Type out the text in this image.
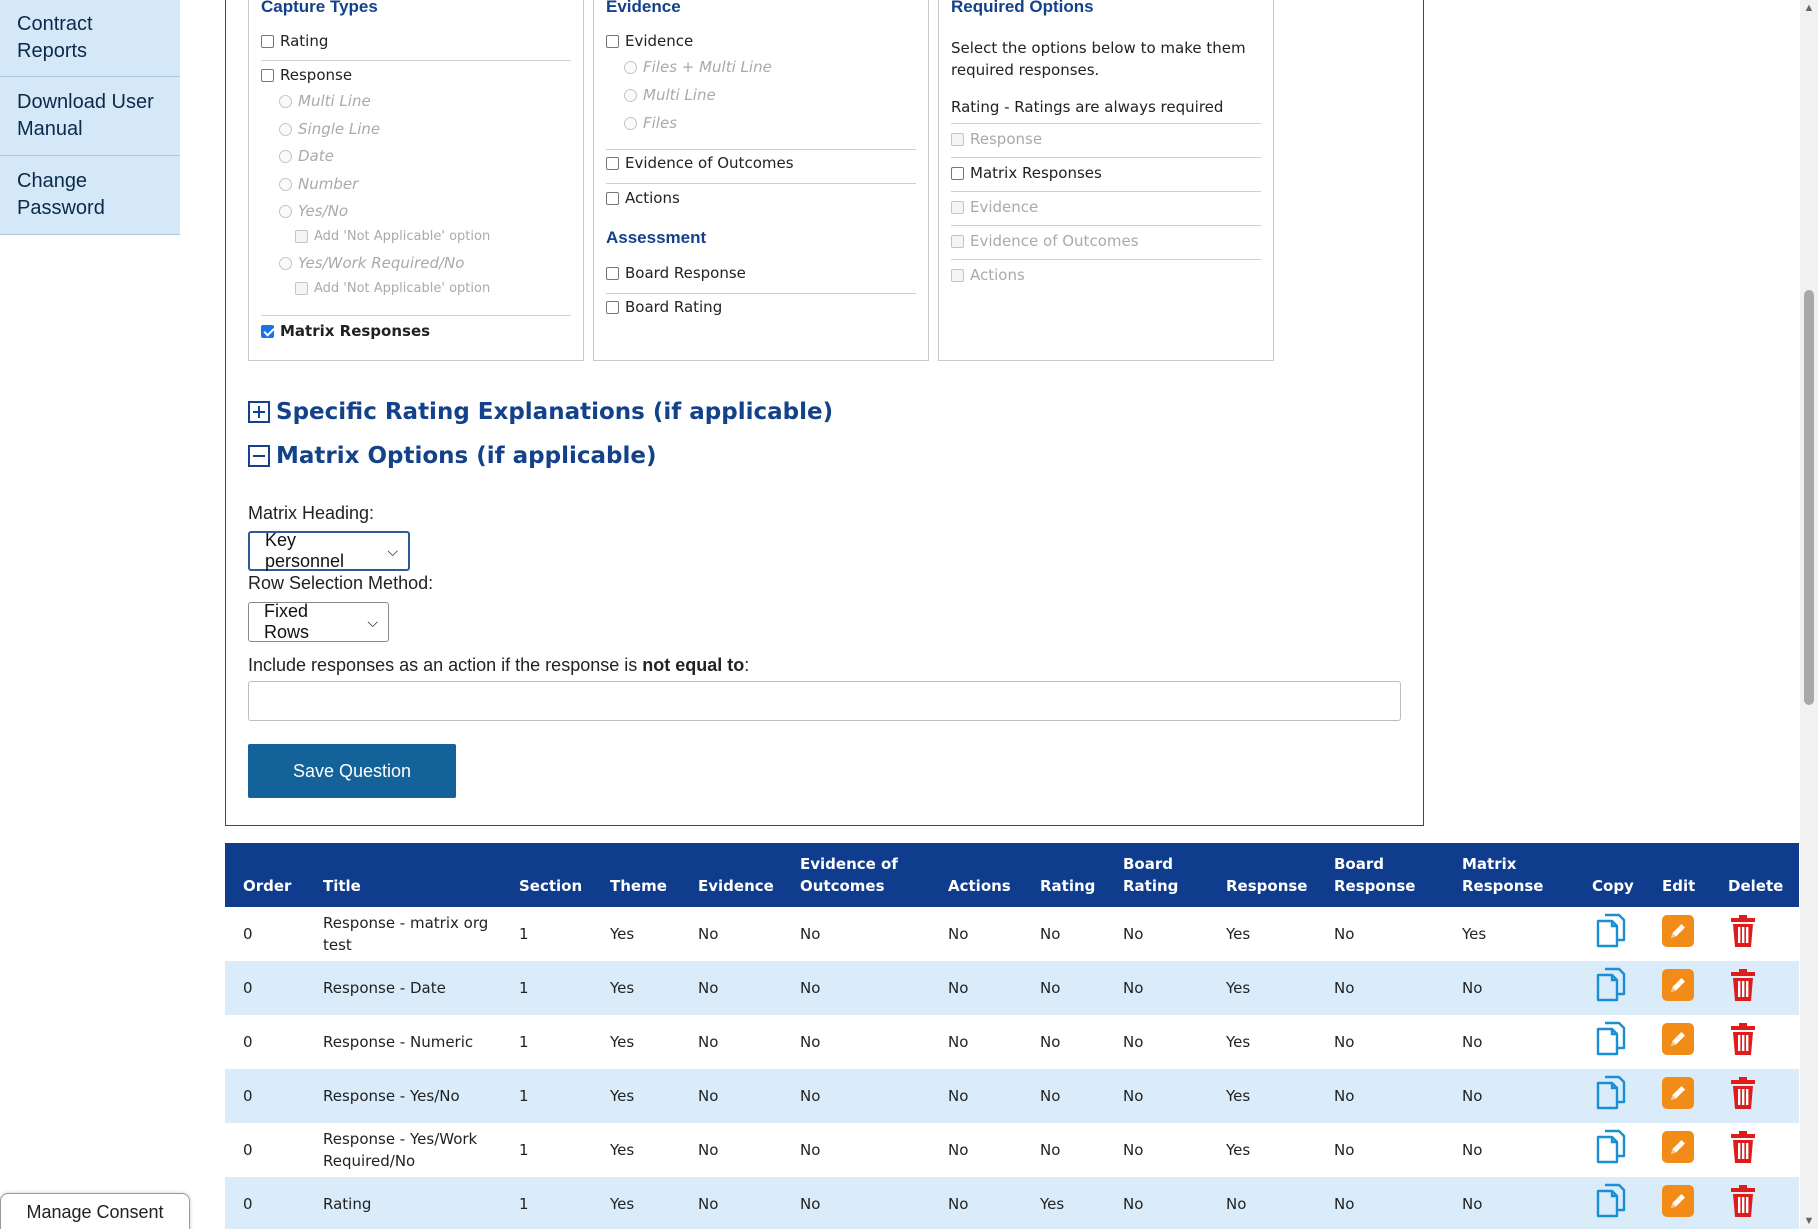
Contract Reports
Download User Manual
Change Password
Capture Types
Rating
Response
Multi Line
Single Line
Date
Number
Yes/No
Add 'Not Applicable' option
Yes/Work Required/No
Add 'Not Applicable' option
Matrix Responses
Evidence
Evidence
Files + Multi Line
Multi Line
Files
Evidence of Outcomes
Actions
Assessment
Board Response
Board Rating
Required Options
Select the options below to make them required responses.
Rating - Ratings are always required
Response
Matrix Responses
Evidence
Evidence of Outcomes
Actions
Specific Rating Explanations (if applicable)
Matrix Options (if applicable)
Matrix Heading:
Key personnel
⌵
Row Selection Method:
Fixed Rows
⌵
Include responses as an action if the response is not equal to:
Save Question
Order	Title	Section	Theme	Evidence	Evidence of Outcomes	Actions	Rating	Board Rating	Response	Board Response	Matrix Response	Copy	Edit	Delete
0	Response - matrix org test	1	Yes	No	No	No	No	No	Yes	No	Yes			
0	Response - Date	1	Yes	No	No	No	No	No	Yes	No	No			
0	Response - Numeric	1	Yes	No	No	No	No	No	Yes	No	No			
0	Response - Yes/No	1	Yes	No	No	No	No	No	Yes	No	No			
0	Response - Yes/Work Required/No	1	Yes	No	No	No	No	No	Yes	No	No			
0	Rating	1	Yes	No	No	No	Yes	No	No	No	No			
Manage Consent
▲
▼
